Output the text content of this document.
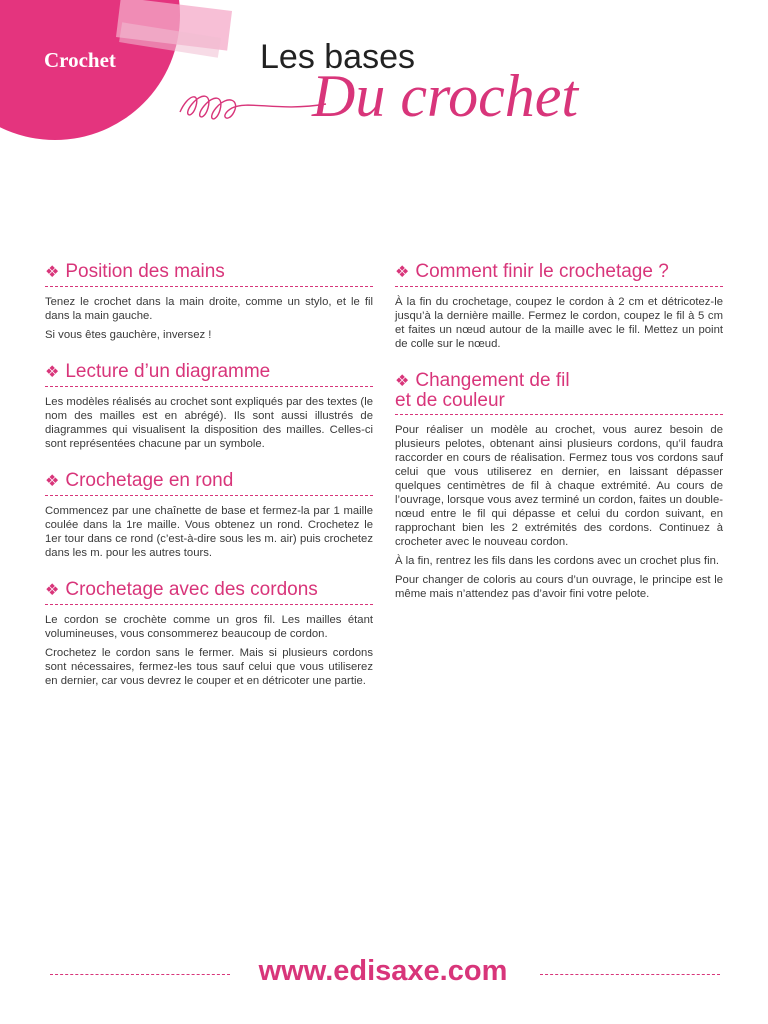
Crochet	Les bases
Du crochet
❖ Position des mains

Tenez le crochet dans la main droite, comme un stylo, et le fil dans la main gauche.

Si vous êtes gauchère, inversez !

❖ Lecture d’un diagramme

Les modèles réalisés au crochet sont expliqués par des textes (le nom des mailles est en abrégé). Ils sont aussi illustrés de diagrammes qui visualisent la disposition des mailles. Celles-ci sont représentées chacune par un symbole.

❖ Crochetage en rond

Commencez par une chaînette de base et fermez-la par 1 maille coulée dans la 1re maille. Vous obtenez un rond. Crochetez le 1er tour dans ce rond (c’est-à-dire sous les m. air) puis crochetez dans les m. pour les autres tours.

❖ Crochetage avec des cordons

Le cordon se crochète comme un gros fil. Les mailles étant volumineuses, vous consommerez beaucoup de cordon.

Crochetez le cordon sans le fermer. Mais si plusieurs cordons sont nécessaires, fermez-les tous sauf celui que vous utiliserez en dernier, car vous devrez le couper et en détricoter une partie.

❖ Comment finir le crochetage ?

À la fin du crochetage, coupez le cordon à 2 cm et détricotez-le jusqu’à la dernière maille. Fermez le cordon, coupez le fil à 5 cm et faites un nœud autour de la maille avec le fil. Mettez un point de colle sur le nœud.

❖ Changement de fil
et de couleur

Pour réaliser un modèle au crochet, vous aurez besoin de plusieurs pelotes, obtenant ainsi plusieurs cordons, qu’il faudra raccorder en cours de réalisation. Fermez tous vos cordons sauf celui que vous utiliserez en dernier, en laissant dépasser quelques centimètres de fil à chaque extrémité. Au cours de l’ouvrage, lorsque vous avez terminé un cordon, faites un double-nœud entre le fil qui dépasse et celui du cordon suivant, en rapprochant bien les 2 extrémités des cordons. Continuez à crocheter avec le nouveau cordon.

À la fin, rentrez les fils dans les cordons avec un crochet plus fin.

Pour changer de coloris au cours d’un ouvrage, le principe est le même mais n’attendez pas d’avoir fini votre pelote.

www.edisaxe.com
